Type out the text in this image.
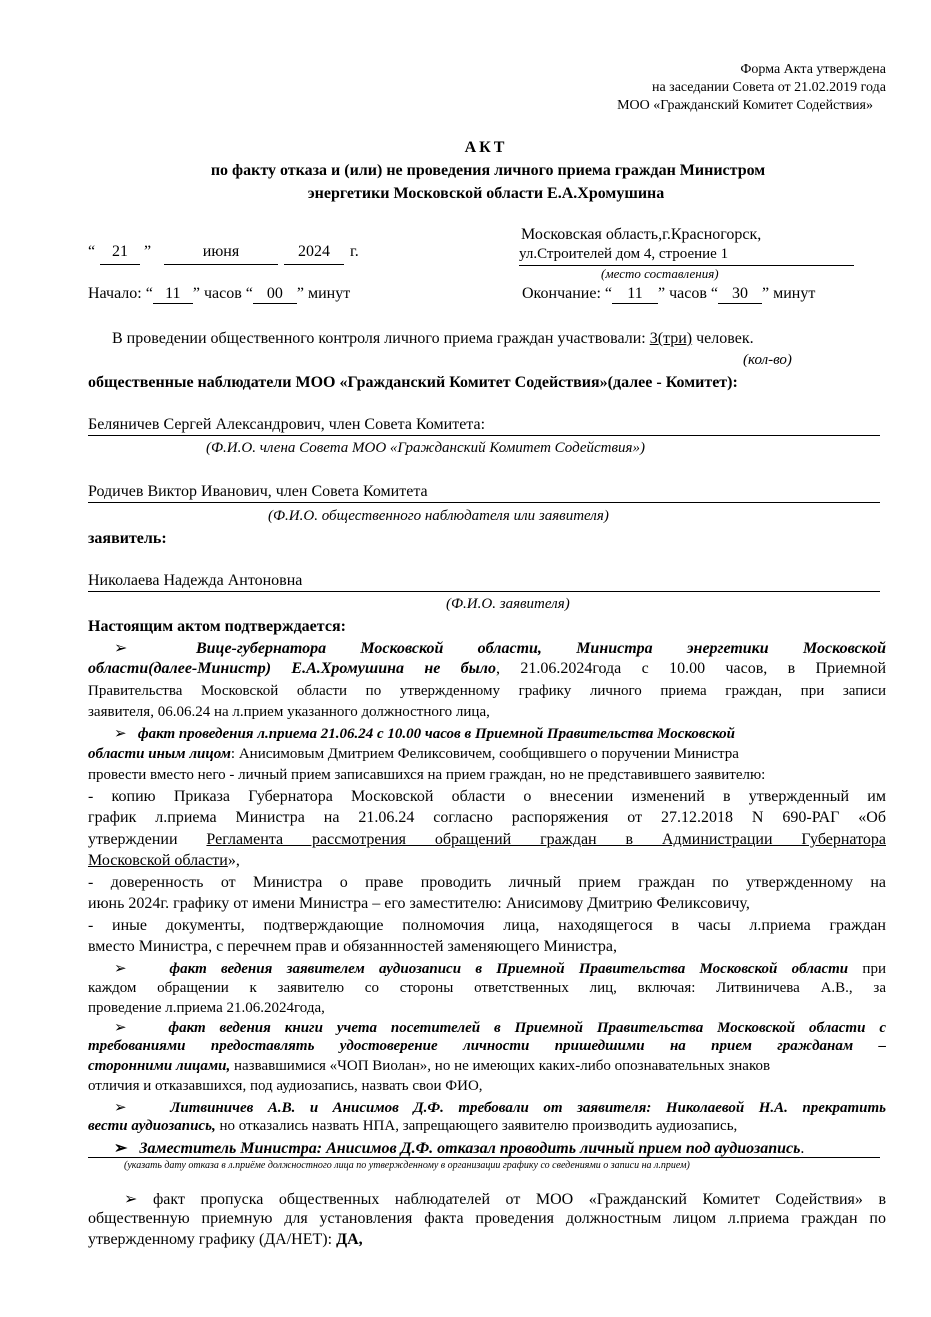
Форма Акта утверждена
на заседании Совета от 21.02.2019 года
МОО «Гражданский Комитет Содействия»
АКТ
по факту отказа и (или) не проведения личного приема граждан Министром
энергетики Московской области Е.А.Хромушина
“	21	”	июня	2024	г.
Московская область,г.Красногорск,
ул.Строителей дом 4, строение 1
(место составления)
Начало: “ 11 ” часов “ 00 ” минут	Окончание: “ 11 ” часов “ 30 ” минут
В проведении общественного контроля личного приема граждан участвовали: 3(три) человек.
(кол-во)
общественные наблюдатели МОО «Гражданский Комитет Содействия»(далее - Комитет):
Беляничев Сергей Александрович, член Совета Комитета:
(Ф.И.О. члена Совета МОО «Гражданский Комитет Содействия»)
Родичев Виктор Иванович, член Совета Комитета
(Ф.И.О. общественного наблюдателя или заявителя)
заявитель:
Николаева Надежда Антоновна
(Ф.И.О. заявителя)
Настоящим актом подтверждается:
➢	Вице-губернатора Московской области, Министра энергетики Московской
области(далее-Министр) Е.А.Хромушина не было, 21.06.2024года с 10.00 часов, в Приемной
Правительства Московской области по утвержденному графику личного приема граждан, при записи
заявителя, 06.06.24 на л.прием указанного должностного лица,
➢ факт проведения л.приема 21.06.24 с 10.00 часов в Приемной Правительства Московской
области иным лицом: Анисимовым Дмитрием Феликсовичем, сообщившего о поручении Министра
провести вместо него - личный прием записавшихся на прием граждан, но не представившего заявителю:
- копию Приказа Губернатора Московской области о внесении изменений в утвержденный им
график л.приема Министра на 21.06.24 согласно распоряжения от 27.12.2018 N 690-РАГ «Об
утверждении Регламента рассмотрения обращений граждан в Администрации Губернатора
Московской области»,
- доверенность от Министра о праве проводить личный прием граждан по утвержденному на
июнь 2024г. графику от имени Министра – его заместителю: Анисимову Дмитрию Феликсовичу,
- иные документы, подтверждающие полномочия лица, находящегося в часы л.приема граждан
вместо Министра, с перечнем прав и обязаннностей заменяющего Министра,
➢	факт ведения заявителем аудиозаписи в Приемной Правительства Московской области при
каждом обращении к заявителю со стороны ответственных лиц, включая: Литвиничева А.В., за
проведение л.приема 21.06.2024года,
➢	факт ведения книги учета посетителей в Приемной Правительства Московской области с
требованиями предоставлять удостоверение личности пришедшими на прием гражданам –
сторонними лицами, назвавшимися «ЧОП Виолан», но не имеющих каких-либо опознавательных знаков
отличия и отказавшихся, под аудиозапись, назвать свои ФИО,
➢	Литвиничев А.В. и Анисимов Д.Ф. требовали от заявителя: Николаевой Н.А. прекратить
вести аудиозапись, но отказались назвать НПА, запрещающего заявителю производить аудиозапись,
➢ Заместитель Министра: Анисимов Д.Ф. отказал проводить личный прием под аудиозапись.
(указать дату отказа в л.приёме должностного лица по утвержденному в организации графику со сведениями о записи на л.прием)
➢ факт пропуска общественных наблюдателей от МОО «Гражданский Комитет Содействия» в
общественную приемную для установления факта проведения должностным лицом л.приема граждан по
утвержденному графику (ДА/НЕТ): ДА,
